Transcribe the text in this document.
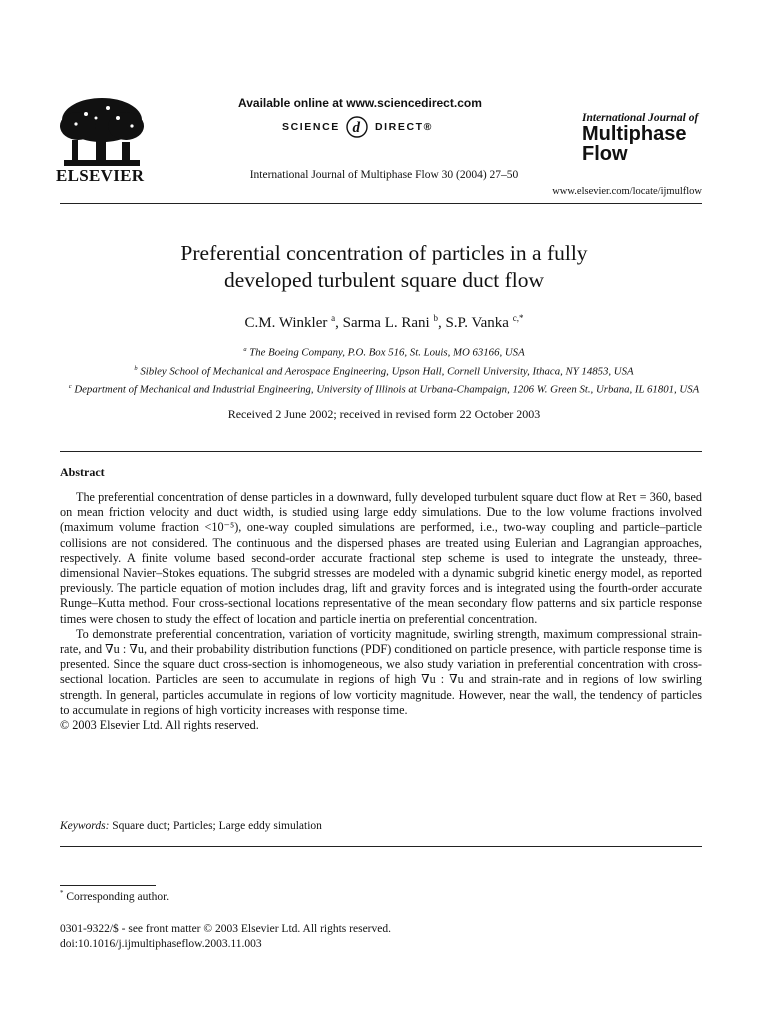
ELSEVIER
Available online at www.sciencedirect.com
SCIENCE d DIRECT®
International Journal of Multiphase Flow 30 (2004) 27–50
International Journal of
Multiphase
Flow
www.elsevier.com/locate/ijmulflow
Preferential concentration of particles in a fully
developed turbulent square duct flow
C.M. Winkler $^a$, Sarma L. Rani $^b$, S.P. Vanka $^{c,*}$
$^a$ The Boeing Company, P.O. Box 516, St. Louis, MO 63166, USA
$^b$ Sibley School of Mechanical and Aerospace Engineering, Upson Hall, Cornell University, Ithaca, NY 14853, USA
$^c$ Department of Mechanical and Industrial Engineering, University of Illinois at Urbana-Champaign, 1206 W. Green St., Urbana, IL 61801, USA
Received 2 June 2002; received in revised form 22 October 2003
Abstract

The preferential concentration of dense particles in a downward, fully developed turbulent square duct flow at Reτ = 360, based on mean friction velocity and duct width, is studied using large eddy simulations. Due to the low volume fractions involved (maximum volume fraction <10⁻⁵), one-way coupled simulations are performed, i.e., two-way coupling and particle–particle collisions are not considered. The continuous and the dispersed phases are treated using Eulerian and Lagrangian approaches, respectively. A finite volume based second-order accurate fractional step scheme is used to integrate the unsteady, three-dimensional Navier–Stokes equations. The subgrid stresses are modeled with a dynamic subgrid kinetic energy model, as reported previously. The particle equation of motion includes drag, lift and gravity forces and is integrated using the fourth-order accurate Runge–Kutta method. Four cross-sectional locations representative of the mean secondary flow patterns and six particle response times were chosen to study the effect of location and particle inertia on preferential concentration.

To demonstrate preferential concentration, variation of vorticity magnitude, swirling strength, maximum compressional strain-rate, and ∇u : ∇u, and their probability distribution functions (PDF) conditioned on particle presence, with particle response time is presented. Since the square duct cross-section is inhomogeneous, we also study variation in preferential concentration with cross-sectional location. Particles are seen to accumulate in regions of high ∇u : ∇u and strain-rate and in regions of low swirling strength. In general, particles accumulate in regions of low vorticity magnitude. However, near the wall, the tendency of particles to accumulate in regions of high vorticity increases with response time.

© 2003 Elsevier Ltd. All rights reserved.

Keywords: Square duct; Particles; Large eddy simulation
* Corresponding author.
0301-9322/$ - see front matter © 2003 Elsevier Ltd. All rights reserved.
doi:10.1016/j.ijmultiphaseflow.2003.11.003
